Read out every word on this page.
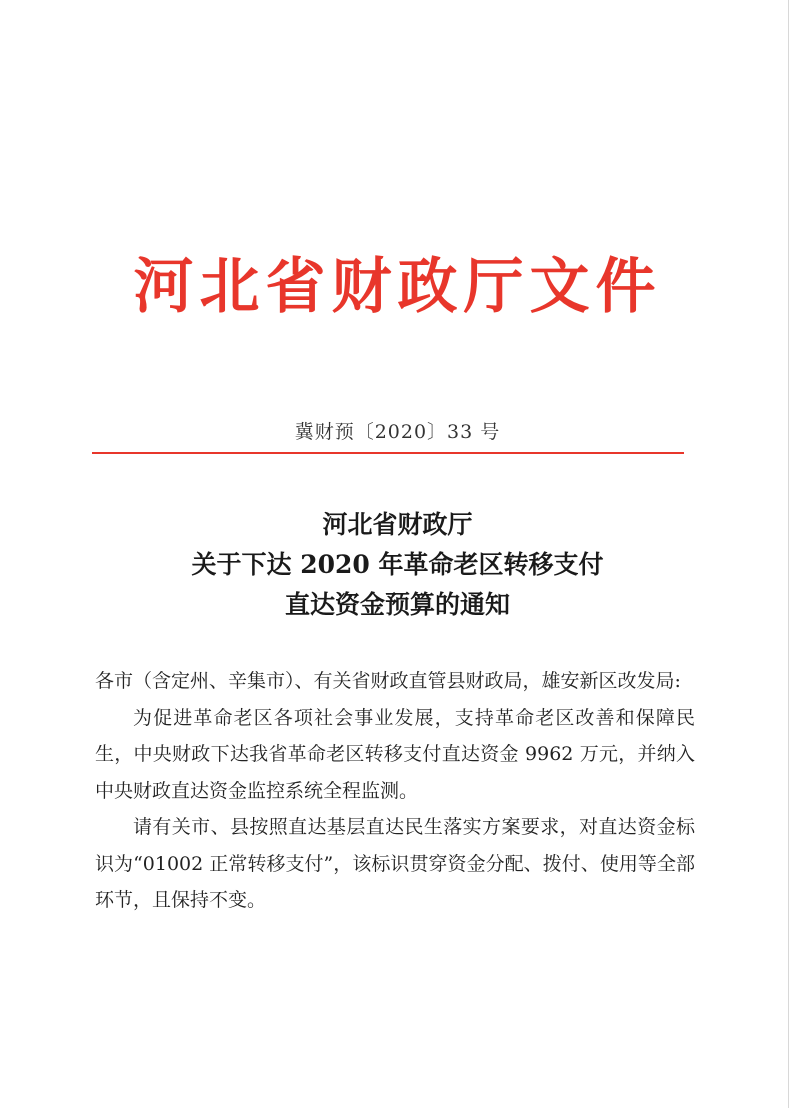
河北省财政厅文件
冀财预〔2020〕33 号
河北省财政厅
关于下达 2020 年革命老区转移支付
直达资金预算的通知

各市（含定州、辛集市）、有关省财政直管县财政局，雄安新区改发局:

为促进革命老区各项社会事业发展，支持革命老区改善和保障民生，中央财政下达我省革命老区转移支付直达资金 9962 万元，并纳入中央财政直达资金监控系统全程监测。

请有关市、县按照直达基层直达民生落实方案要求，对直达资金标识为“01002 正常转移支付”，该标识贯穿资金分配、拨付、使用等全部环节，且保持不变。
